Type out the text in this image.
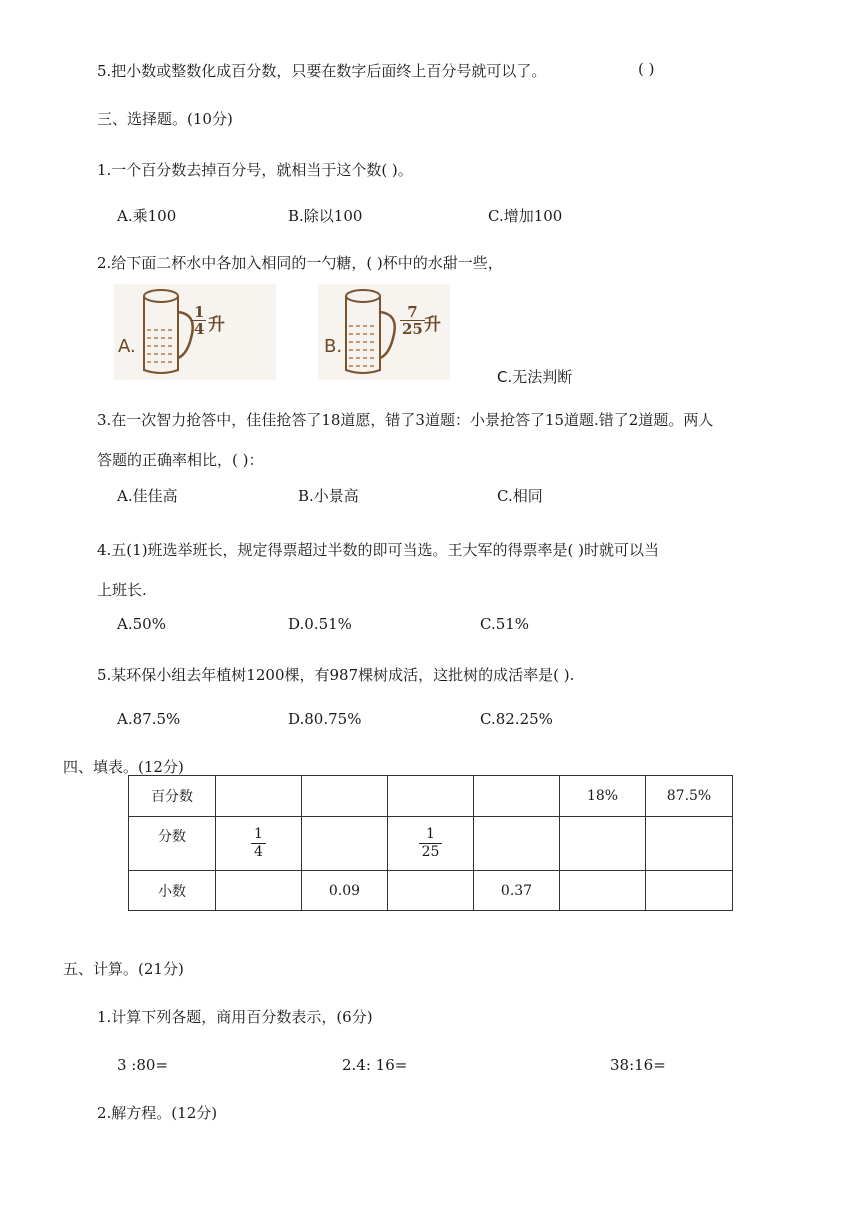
5.把小数或整数化成百分数，只要在数字后面终上百分号就可以了。	( )
三、选择题。(10分)
1.一个百分数去掉百分号，就相当于这个数( )。
A.乘100	B.除以100	C.增加100
2.给下面二杯水中各加入相同的一勺糖，( )杯中的水甜一些，
A.
$\frac{1}{4}$ 升
B.
$\frac{7}{25}$ 升
C.无法判断
3.在一次智力抢答中，佳佳抢答了18道愿，错了3道题：小景抢答了15道题.错了2道题。两人
答题的正确率相比，( )：
A.佳佳高	B.小景高	C.相同
4.五(1)班选举班长，规定得票超过半数的即可当选。王大军的得票率是( )时就可以当
上班长.
A.50%	D.0.51%	C.51%
5.某环保小组去年植树1200棵，有987棵树成活，这批树的成活率是( ).
A.87.5%	D.80.75%	C.82.25%
四、填表。(12分)
百分数					18%	87.5%
分数	$\frac{1}{4}$		$\frac{1}{25}$

小数		0.09		0.37		
五、计算。(21分)
1.计算下列各题，商用百分数表示，(6分)
3 :80=	2.4: 16=	38:16=
2.解方程。(12分)
